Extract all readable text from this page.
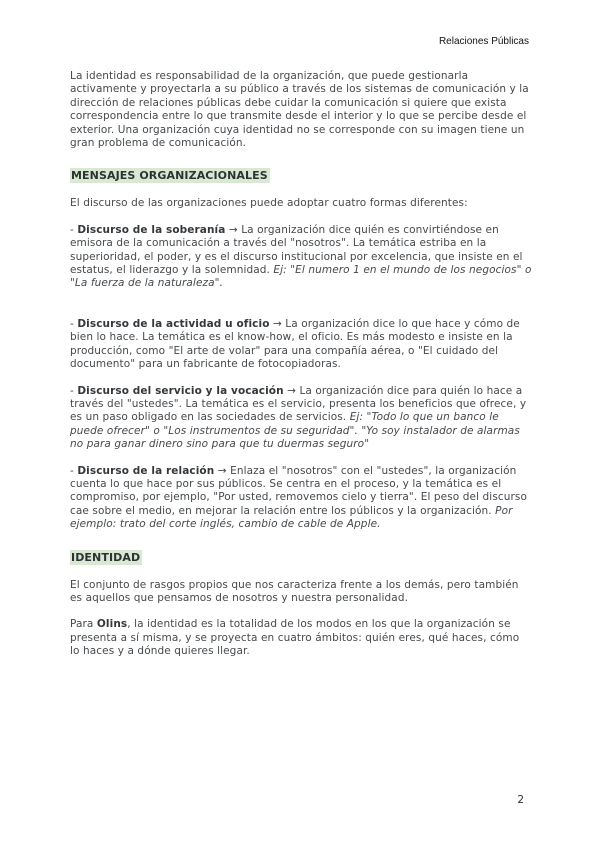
Relaciones Públicas

La identidad es responsabilidad de la organización, que puede gestionarla activamente y proyectarla a su público a través de los sistemas de comunicación y la dirección de relaciones públicas debe cuidar la comunicación si quiere que exista correspondencia entre lo que transmite desde el interior y lo que se percibe desde el exterior. Una organización cuya identidad no se corresponde con su imagen tiene un gran problema de comunicación.

MENSAJES ORGANIZACIONALES

El discurso de las organizaciones puede adoptar cuatro formas diferentes:

- Discurso de la soberanía → La organización dice quién es convirtiéndose en emisora de la comunicación a través del "nosotros". La temática estriba en la superioridad, el poder, y es el discurso institucional por excelencia, que insiste en el estatus, el liderazgo y la solemnidad. Ej: "El numero 1 en el mundo de los negocios" o "La fuerza de la naturaleza".

- Discurso de la actividad u oficio → La organización dice lo que hace y cómo de bien lo hace. La temática es el know-how, el oficio. Es más modesto e insiste en la producción, como "El arte de volar" para una compañía aérea, o "El cuidado del documento" para un fabricante de fotocopiadoras.

- Discurso del servicio y la vocación → La organización dice para quién lo hace a través del "ustedes". La temática es el servicio, presenta los beneficios que ofrece, y es un paso obligado en las sociedades de servicios. Ej: "Todo lo que un banco le puede ofrecer" o "Los instrumentos de su seguridad". "Yo soy instalador de alarmas no para ganar dinero sino para que tu duermas seguro"

- Discurso de la relación → Enlaza el "nosotros" con el "ustedes", la organización cuenta lo que hace por sus públicos. Se centra en el proceso, y la temática es el compromiso, por ejemplo, "Por usted, removemos cielo y tierra". El peso del discurso cae sobre el medio, en mejorar la relación entre los públicos y la organización. Por ejemplo: trato del corte inglés, cambio de cable de Apple.

IDENTIDAD

El conjunto de rasgos propios que nos caracteriza frente a los demás, pero también es aquellos que pensamos de nosotros y nuestra personalidad.

Para Olins, la identidad es la totalidad de los modos en los que la organización se presenta a sí misma, y se proyecta en cuatro ámbitos: quién eres, qué haces, cómo lo haces y a dónde quieres llegar.

2
